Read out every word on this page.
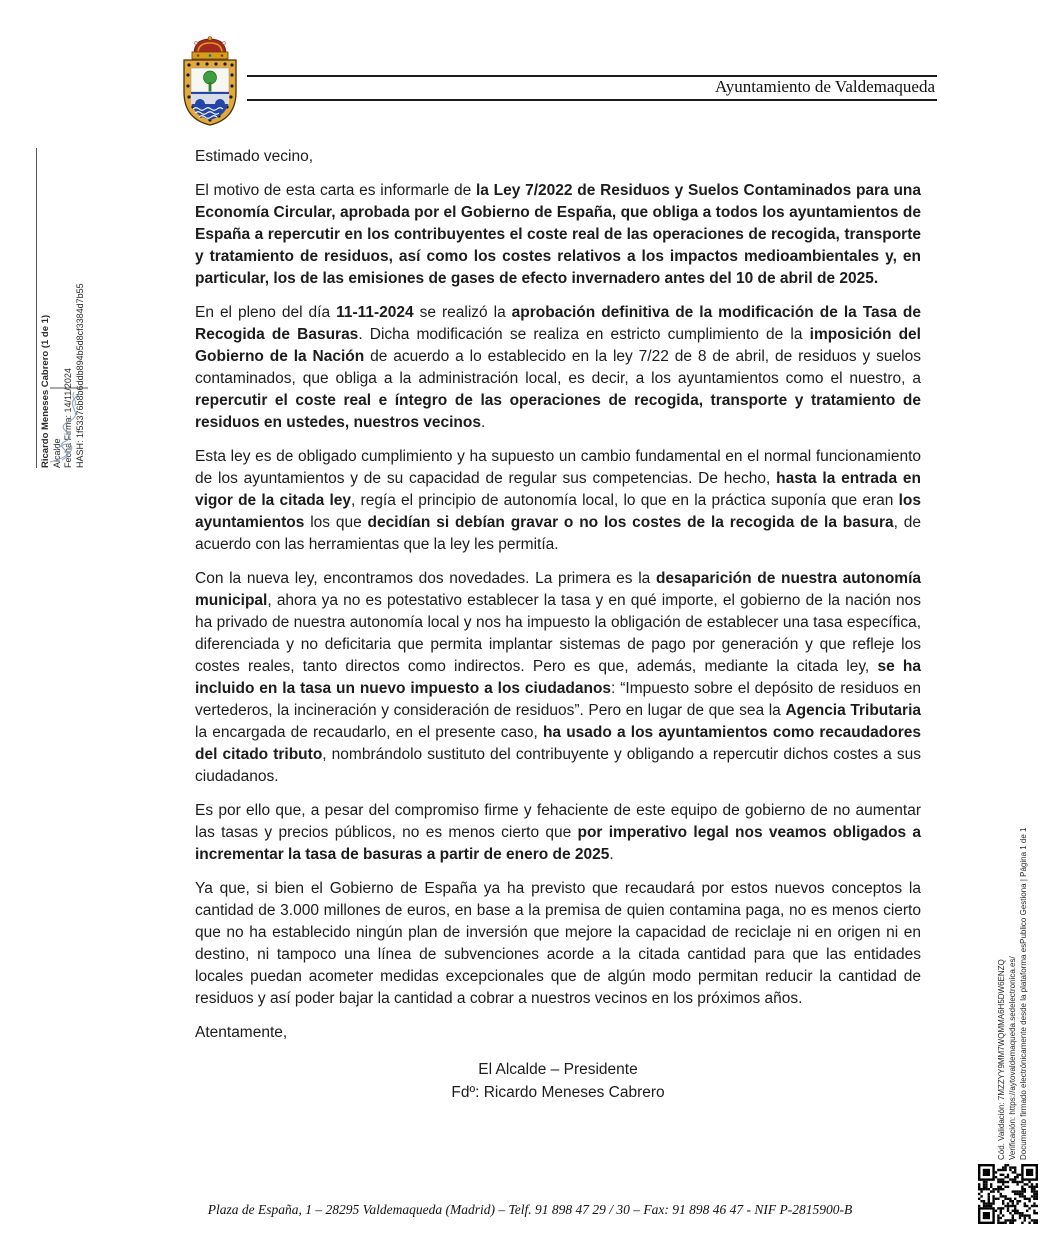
Ayuntamiento de Valdemaqueda
Ricardo Meneses Cabrero (1 de 1) Alcalde Fecha Firma: 14/11/2024 HASH: 1f53376b8b6ddb894b5d8cf3384d7b55

Estimado vecino,

El motivo de esta carta es informarle de la Ley 7/2022 de Residuos y Suelos Contaminados para una Economía Circular, aprobada por el Gobierno de España, que obliga a todos los ayuntamientos de España a repercutir en los contribuyentes el coste real de las operaciones de recogida, transporte y tratamiento de residuos, así como los costes relativos a los impactos medioambientales y, en particular, los de las emisiones de gases de efecto invernadero antes del 10 de abril de 2025.

En el pleno del día 11-11-2024 se realizó la aprobación definitiva de la modificación de la Tasa de Recogida de Basuras. Dicha modificación se realiza en estricto cumplimiento de la imposición del Gobierno de la Nación de acuerdo a lo establecido en la ley 7/22 de 8 de abril, de residuos y suelos contaminados, que obliga a la administración local, es decir, a los ayuntamientos como el nuestro, a repercutir el coste real e íntegro de las operaciones de recogida, transporte y tratamiento de residuos en ustedes, nuestros vecinos.

Esta ley es de obligado cumplimiento y ha supuesto un cambio fundamental en el normal funcionamiento de los ayuntamientos y de su capacidad de regular sus competencias. De hecho, hasta la entrada en vigor de la citada ley, regía el principio de autonomía local, lo que en la práctica suponía que eran los ayuntamientos los que decidían si debían gravar o no los costes de la recogida de la basura, de acuerdo con las herramientas que la ley les permitía.

Con la nueva ley, encontramos dos novedades. La primera es la desaparición de nuestra autonomía municipal, ahora ya no es potestativo establecer la tasa y en qué importe, el gobierno de la nación nos ha privado de nuestra autonomía local y nos ha impuesto la obligación de establecer una tasa específica, diferenciada y no deficitaria que permita implantar sistemas de pago por generación y que refleje los costes reales, tanto directos como indirectos. Pero es que, además, mediante la citada ley, se ha incluido en la tasa un nuevo impuesto a los ciudadanos: “Impuesto sobre el depósito de residuos en vertederos, la incineración y consideración de residuos”. Pero en lugar de que sea la Agencia Tributaria la encargada de recaudarlo, en el presente caso, ha usado a los ayuntamientos como recaudadores del citado tributo, nombrándolo sustituto del contribuyente y obligando a repercutir dichos costes a sus ciudadanos.

Es por ello que, a pesar del compromiso firme y fehaciente de este equipo de gobierno de no aumentar las tasas y precios públicos, no es menos cierto que por imperativo legal nos veamos obligados a incrementar la tasa de basuras a partir de enero de 2025.

Ya que, si bien el Gobierno de España ya ha previsto que recaudará por estos nuevos conceptos la cantidad de 3.000 millones de euros, en base a la premisa de quien contamina paga, no es menos cierto que no ha establecido ningún plan de inversión que mejore la capacidad de reciclaje ni en origen ni en destino, ni tampoco una línea de subvenciones acorde a la citada cantidad para que las entidades locales puedan acometer medidas excepcionales que de algún modo permitan reducir la cantidad de residuos y así poder bajar la cantidad a cobrar a nuestros vecinos en los próximos años.

Atentamente,

El Alcalde – Presidente
Fdº: Ricardo Meneses Cabrero	Cód. Validación: 7MZZYY9MM7WQMMA6H5DW6ENZQ Verificación: https://aytovaldemaqueda.sedelectronica.es/ Documento firmado electrónicamente desde la plataforma esPublico Gestiona | Página 1 de 1
Plaza de España, 1 – 28295 Valdemaqueda (Madrid) – Telf. 91 898 47 29 / 30 – Fax: 91 898 46 47 - NIF P-2815900-B
